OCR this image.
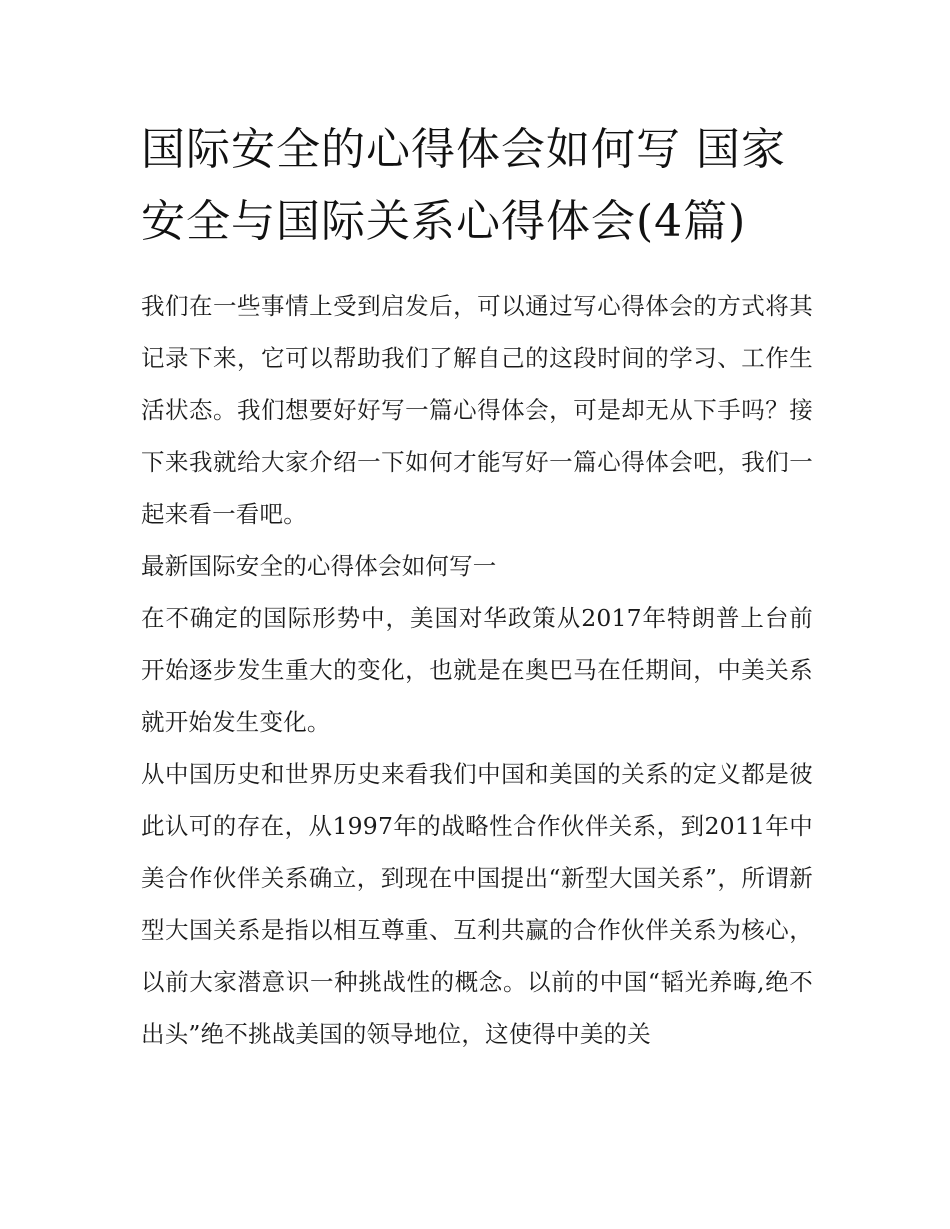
国际安全的心得体会如何写 国家安全与国际关系心得体会(4篇)

我们在一些事情上受到启发后，可以通过写心得体会的方式将其记录下来，它可以帮助我们了解自己的这段时间的学习、工作生活状态。我们想要好好写一篇心得体会，可是却无从下手吗？接下来我就给大家介绍一下如何才能写好一篇心得体会吧，我们一起来看一看吧。

最新国际安全的心得体会如何写一

在不确定的国际形势中，美国对华政策从2017年特朗普上台前开始逐步发生重大的变化，也就是在奥巴马在任期间，中美关系就开始发生变化。

从中国历史和世界历史来看我们中国和美国的关系的定义都是彼此认可的存在，从1997年的战略性合作伙伴关系，到2011年中美合作伙伴关系确立，到现在中国提出“新型大国关系”，所谓新型大国关系是指以相互尊重、互利共赢的合作伙伴关系为核心，以前大家潜意识一种挑战性的概念。以前的中国“韬光养晦,绝不出头”绝不挑战美国的领导地位，这使得中美的关
